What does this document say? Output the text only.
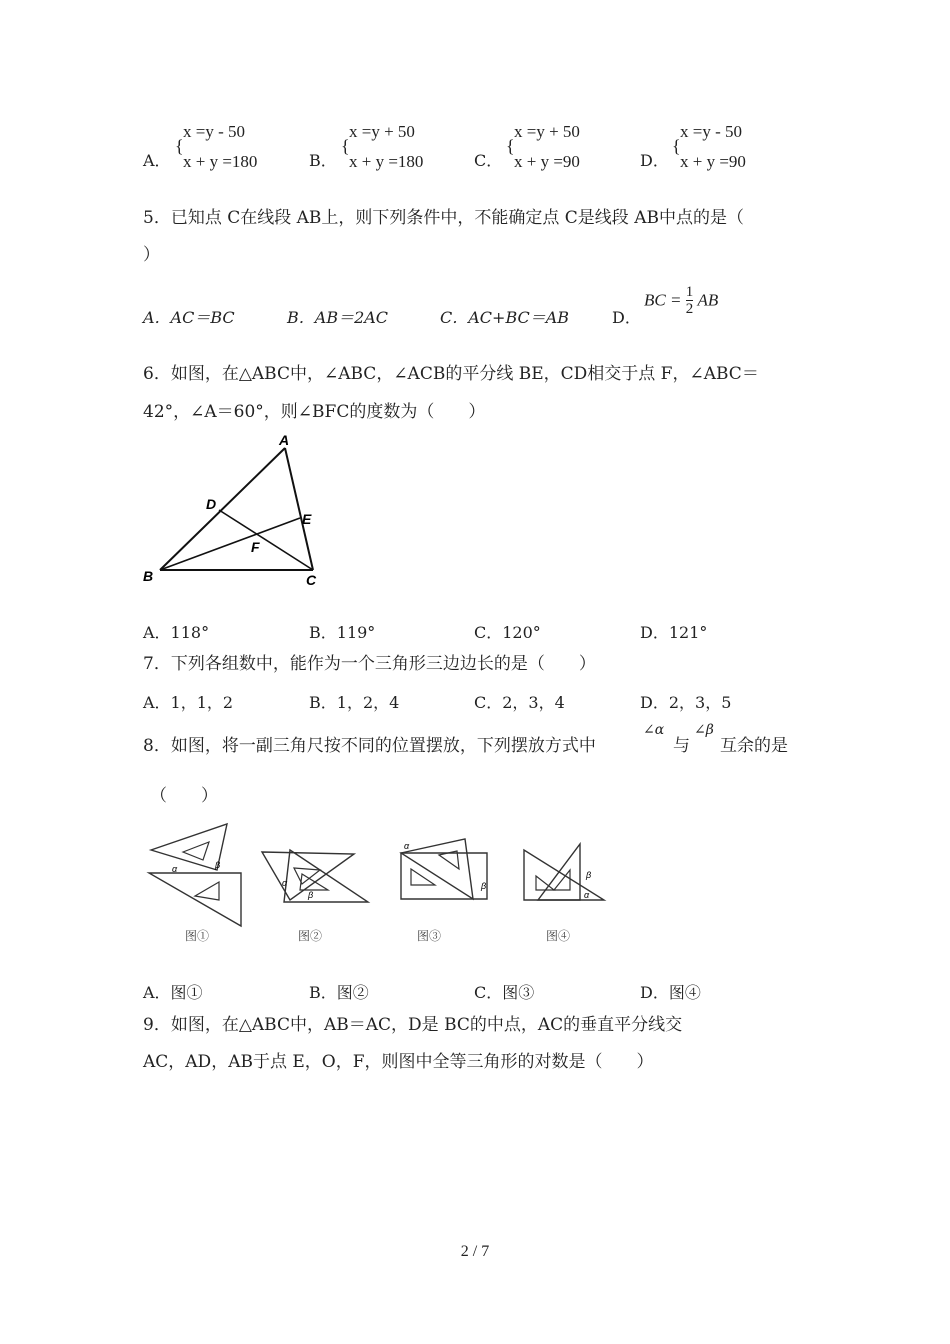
A．
{
x =y - 50
x + y =180	B．
{
x =y + 50
x + y =180	C．
{
x =y + 50
x + y =90	D．
{
x =y - 50
x + y =90
5．已知点 C在线段 AB上，则下列条件中，不能确定点 C是线段 AB中点的是（
）
A．AC＝BC	B．AB＝2AC	C．AC+BC＝AB	D．
BC = $\frac{1}{2}$ AB
6．如图，在△ABC中，∠ABC，∠ACB的平分线 BE，CD相交于点 F，∠ABC＝
42°，∠A＝60°，则∠BFC的度数为（　　）
A
B	C
D
E
F
A．118°	B．119°	C．120°	D．121°
7．下列各组数中，能作为一个三角形三边边长的是（　　）
A．1，1，2	B．1，2，4	C．2，3，4	D．2，3，5
8．如图，将一副三角尺按不同的位置摆放，下列摆放方式中
∠α
与
∠β
互余的是
（　　）
α	β
图①
α
β
图②
α
β
图③
β
α
图④
A．图①	B．图②	C．图③	D．图④
9．如图，在△ABC中，AB＝AC，D是 BC的中点，AC的垂直平分线交
AC，AD，AB于点 E，O，F，则图中全等三角形的对数是（　　）
2 / 7
